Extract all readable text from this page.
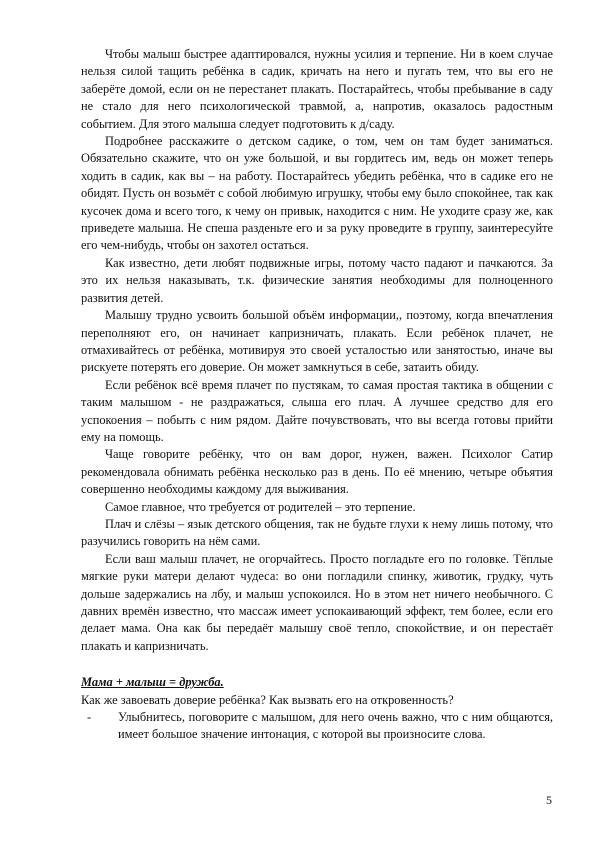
Чтобы малыш быстрее адаптировался, нужны усилия и терпение. Ни в коем случае нельзя силой тащить ребёнка в садик, кричать на него и пугать тем, что вы его не заберёте домой, если он не перестанет плакать. Постарайтесь, чтобы пребывание в саду не стало для него психологической травмой, а, напротив, оказалось радостным событием. Для этого малыша следует подготовить к д/саду.

Подробнее расскажите о детском садике, о том, чем он там будет заниматься. Обязательно скажите, что он уже большой, и вы гордитесь им, ведь он может теперь ходить в садик, как вы – на работу. Постарайтесь убедить ребёнка, что в садике его не обидят. Пусть он возьмёт с собой любимую игрушку, чтобы ему было спокойнее, так как кусочек дома и всего того, к чему он привык, находится с ним. Не уходите сразу же, как приведете малыша. Не спеша разденьте его и за руку проведите в группу, заинтересуйте его чем-нибудь, чтобы он захотел остаться.

Как известно, дети любят подвижные игры, потому часто падают и пачкаются. За это их нельзя наказывать, т.к. физические занятия необходимы для полноценного развития детей.

Малышу трудно усвоить большой объём информации,, поэтому, когда впечатления переполняют его, он начинает капризничать, плакать. Если ребёнок плачет, не отмахивайтесь от ребёнка, мотивируя это своей усталостью или занятостью, иначе вы рискуете потерять его доверие. Он может замкнуться в себе, затаить обиду.

Если ребёнок всё время плачет по пустякам, то самая простая тактика в общении с таким малышом - не раздражаться, слыша его плач. А лучшее средство для его успокоения – побыть с ним рядом. Дайте почувствовать, что вы всегда готовы прийти ему на помощь.

Чаще говорите ребёнку, что он вам дорог, нужен, важен. Психолог Сатир рекомендовала обнимать ребёнка несколько раз в день. По её мнению, четыре объятия совершенно необходимы каждому для выживания.

Самое главное, что требуется от родителей – это терпение.

Плач и слёзы – язык детского общения, так не будьте глухи к нему лишь потому, что разучились говорить на нём сами.

Если ваш малыш плачет, не огорчайтесь. Просто погладьте его по головке. Тёплые мягкие руки матери делают чудеса: во они погладили спинку, животик, грудку, чуть дольше задержались на лбу, и малыш успокоился. Но в этом нет ничего необычного. С давних времён известно, что массаж имеет успокаивающий эффект, тем более, если его делает мама. Она как бы передаёт малышу своё тепло, спокойствие, и он перестаёт плакать и капризничать.

Мама + малыш = дружба.

Как же завоевать доверие ребёнка? Как вызвать его на откровенность?

-	Улыбнитесь, поговорите с малышом, для него очень важно, что с ним общаются, имеет большое значение интонация, с которой вы произносите слова.
5
